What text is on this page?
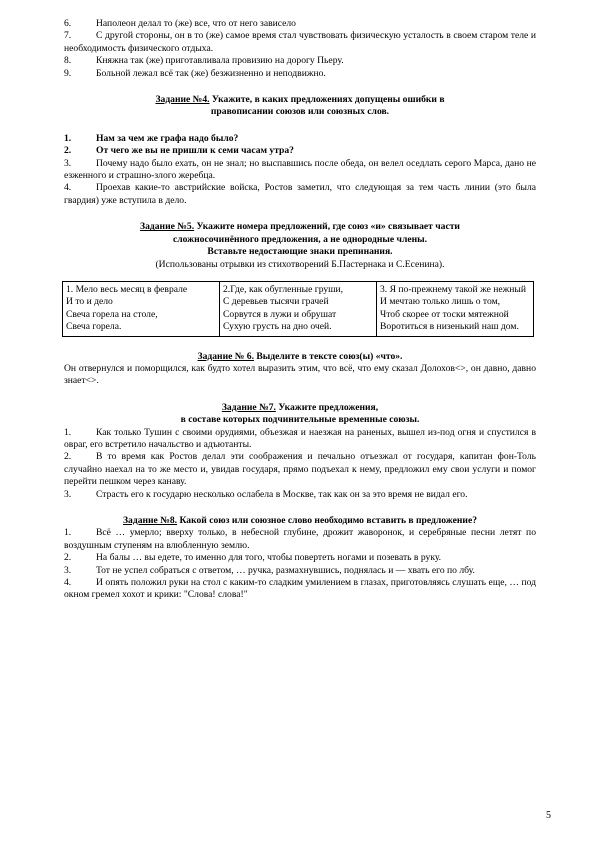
6.	Наполеон делал то (же) все, что от него зависело
7.	С другой стороны, он в то (же) самое время стал чувствовать физическую усталость в своем старом теле и необходимость физического отдыха.
8.	Княжна так (же) приготавливала провизию на дорогу Пьеру.
9.	Больной лежал всё так (же) безжизненно и неподвижно.

Задание №4. Укажите, в каких предложениях допущены ошибки в
правописании союзов или союзных слов.

1.	Нам за чем же графа надо было?
2.	От чего же вы не пришли к семи часам утра?
3.	Почему надо было ехать, он не знал; но выспавшись после обеда, он велел оседлать серого Марса, дано не езженного и страшно-злого жеребца.
4.	Проехав какие-то австрийские войска, Ростов заметил, что следующая за тем часть линии (это была гвардия) уже вступила в дело.

Задание №5. Укажите номера предложений, где союз «и» связывает части
сложносочинённого предложения, а не однородные члены.
Вставьте недостающие знаки препинания.
(Использованы отрывки из стихотворений Б.Пастернака и С.Есенина).

1. Мело весь месяц в феврале
И то и дело
Свеча горела на столе,
Свеча горела.

2.Где, как обугленные груши,
С деревьев тысячи грачей
Сорвутся в лужи и обрушат
Сухую грусть на дно очей.

3. Я по-прежнему такой же нежный
И мечтаю только лишь о том,
Чтоб скорее от тоски мятежной
Воротиться в низенький наш дом.

Задание № 6. Выделите в тексте союз(ы) «что».

Он отвернулся и поморщился, как будто хотел выразить этим, что всё, что ему сказал Долохов<>, он давно, давно знает<>.

Задание №7. Укажите предложения,
в составе которых подчинительные временные союзы.

1.	Как только Тушин с своими орудиями, объезжая и наезжая на раненых, вышел из-под огня и спустился в овраг, его встретило начальство и адъютанты.
2.	В то время как Ростов делал эти соображения и печально отъезжал от государя, капитан фон-Толь случайно наехал на то же место и, увидав государя, прямо подъехал к нему, предложил ему свои услуги и помог перейти пешком через канаву.
3.	Страсть его к государю несколько ослабела в Москве, так как он за это время не видал его.

Задание №8. Какой союз или союзное слово необходимо вставить в предложение?

1.	Всё … умерло; вверху только, в небесной глубине, дрожит жаворонок, и серебряные песни летят по воздушным ступеням на влюбленную землю.
2.	На балы … вы едете, то именно для того, чтобы повертеть ногами и позевать в руку.
3.	Тот не успел собраться с ответом, … ручка, размахнувшись, поднялась и — хвать его по лбу.
4.	И опять положил руки на стол с каким-то сладким умилением в глазах, приготовляясь слушать еще, … под окном гремел хохот и крики: "Слова! слова!"
5
